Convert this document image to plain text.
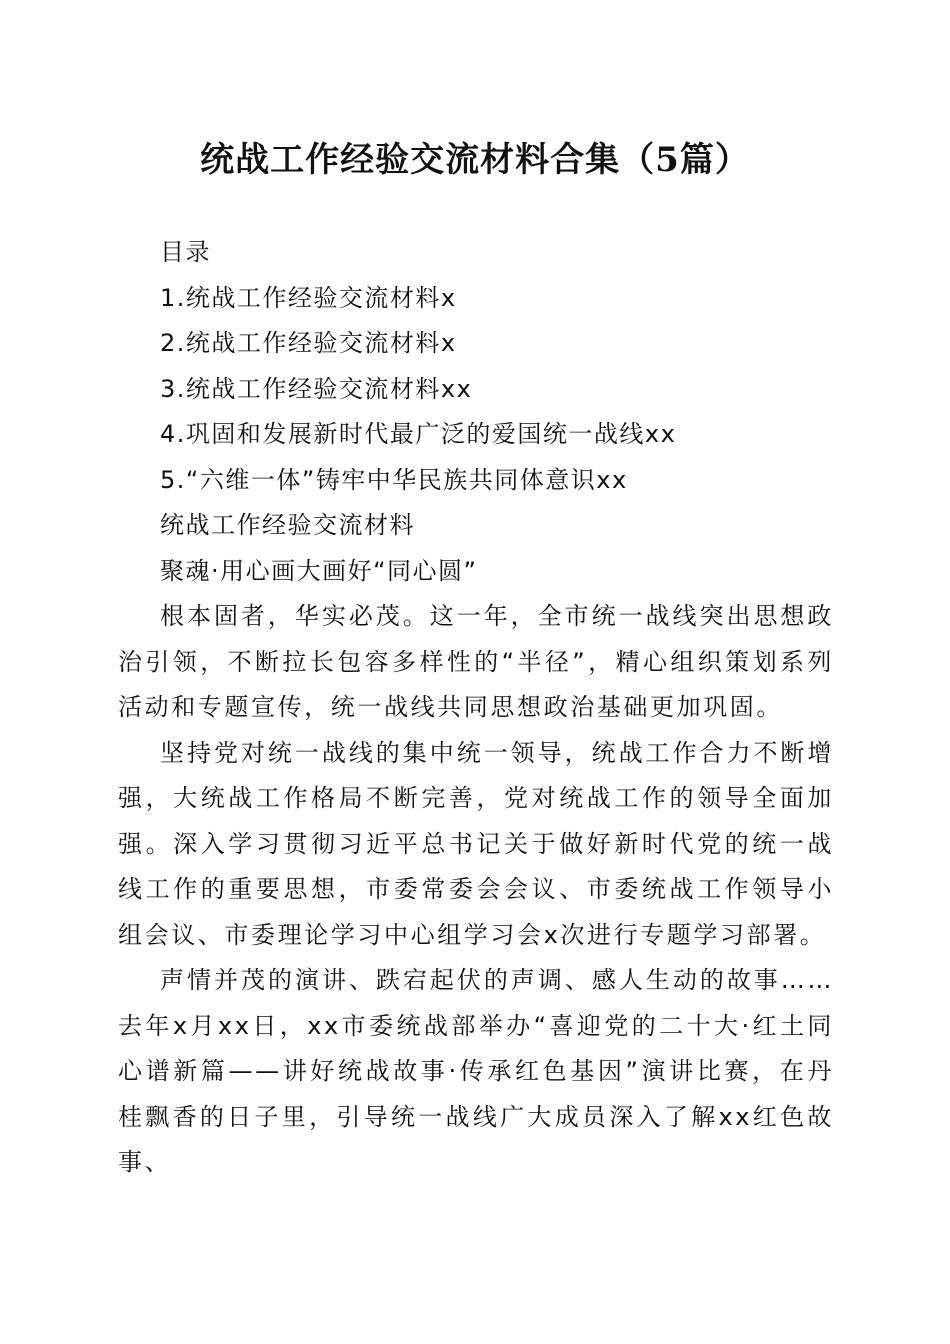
统战工作经验交流材料合集（5篇）
目录
1.统战工作经验交流材料x
2.统战工作经验交流材料x
3.统战工作经验交流材料xx
4.巩固和发展新时代最广泛的爱国统一战线xx
5.“六维一体”铸牢中华民族共同体意识xx
统战工作经验交流材料
聚魂·用心画大画好“同心圆”

根本固者，华实必茂。这一年，全市统一战线突出思想政治引领，不断拉长包容多样性的“半径”，精心组织策划系列活动和专题宣传，统一战线共同思想政治基础更加巩固。

坚持党对统一战线的集中统一领导，统战工作合力不断增强，大统战工作格局不断完善，党对统战工作的领导全面加强。深入学习贯彻习近平总书记关于做好新时代党的统一战线工作的重要思想，市委常委会会议、市委统战工作领导小组会议、市委理论学习中心组学习会x次进行专题学习部署。

声情并茂的演讲、跌宕起伏的声调、感人生动的故事……去年x月xx日，xx市委统战部举办“喜迎党的二十大·红土同心谱新篇——讲好统战故事·传承红色基因”演讲比赛，在丹桂飘香的日子里，引导统一战线广大成员深入了解xx红色故事、
